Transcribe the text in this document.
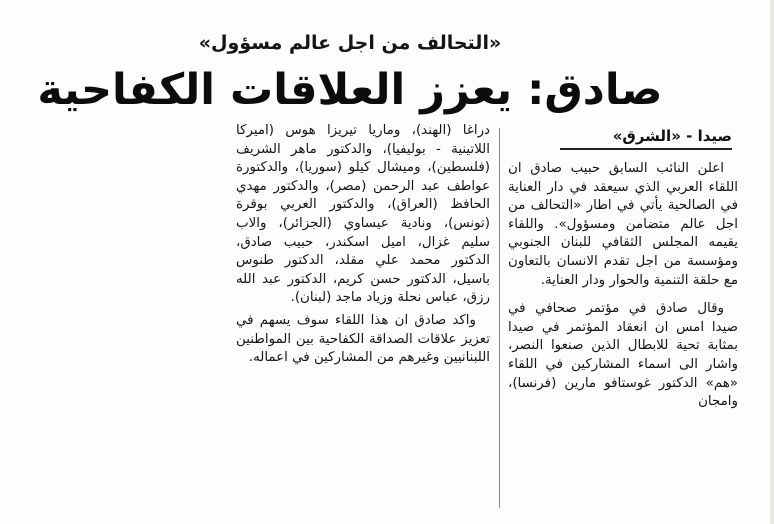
«التحالف من اجل عالم مسؤول»
صادق: يعزز العلاقات الكفاحية
صيدا - «الشرق»

اعلن النائب السابق حبيب صادق ان اللقاء العربي الذي سيعقد في دار العناية في الصالحية يأتي في اطار «التحالف من اجل عالم متضامن ومسؤول». واللقاء يقيمه المجلس الثقافي للبنان الجنوبي ومؤسسة من اجل تقدم الانسان بالتعاون مع حلقة التنمية والحوار ودار العناية.

وقال صادق في مؤتمر صحافي في صيدا امس ان انعقاد المؤتمر في صيدا بمثابة تحية للابطال الذين صنعوا النصر، واشار الى اسماء المشاركين في اللقاء «هم» الدكتور غوستافو مارين (فرنسا)، وامجان

دراغا (الهند)، وماريا تيريزا هوس (اميركا اللاتينية - بوليفيا)، والدكتور ماهر الشريف (فلسطين)، وميشال كيلو (سوريا)، والدكتورة عواطف عبد الرحمن (مصر)، والدكتور مهدي الحافظ (العراق)، والدكتور العربي بوقرة (تونس)، ونادية عيساوي (الجزائر)، والاب سليم غزال، اميل اسكندر، حبيب صادق، الدكتور محمد علي مقلد، الدكتور طنوس باسيل، الدكتور حسن كريم، الدكتور عبد الله رزق، عباس نحلة وزياد ماجد (لبنان).

واكد صادق ان هذا اللقاء سوف يسهم في تعزيز علاقات الصداقة الكفاحية بين المواطنين اللبنانيين وغيرهم من المشاركين في اعماله.
